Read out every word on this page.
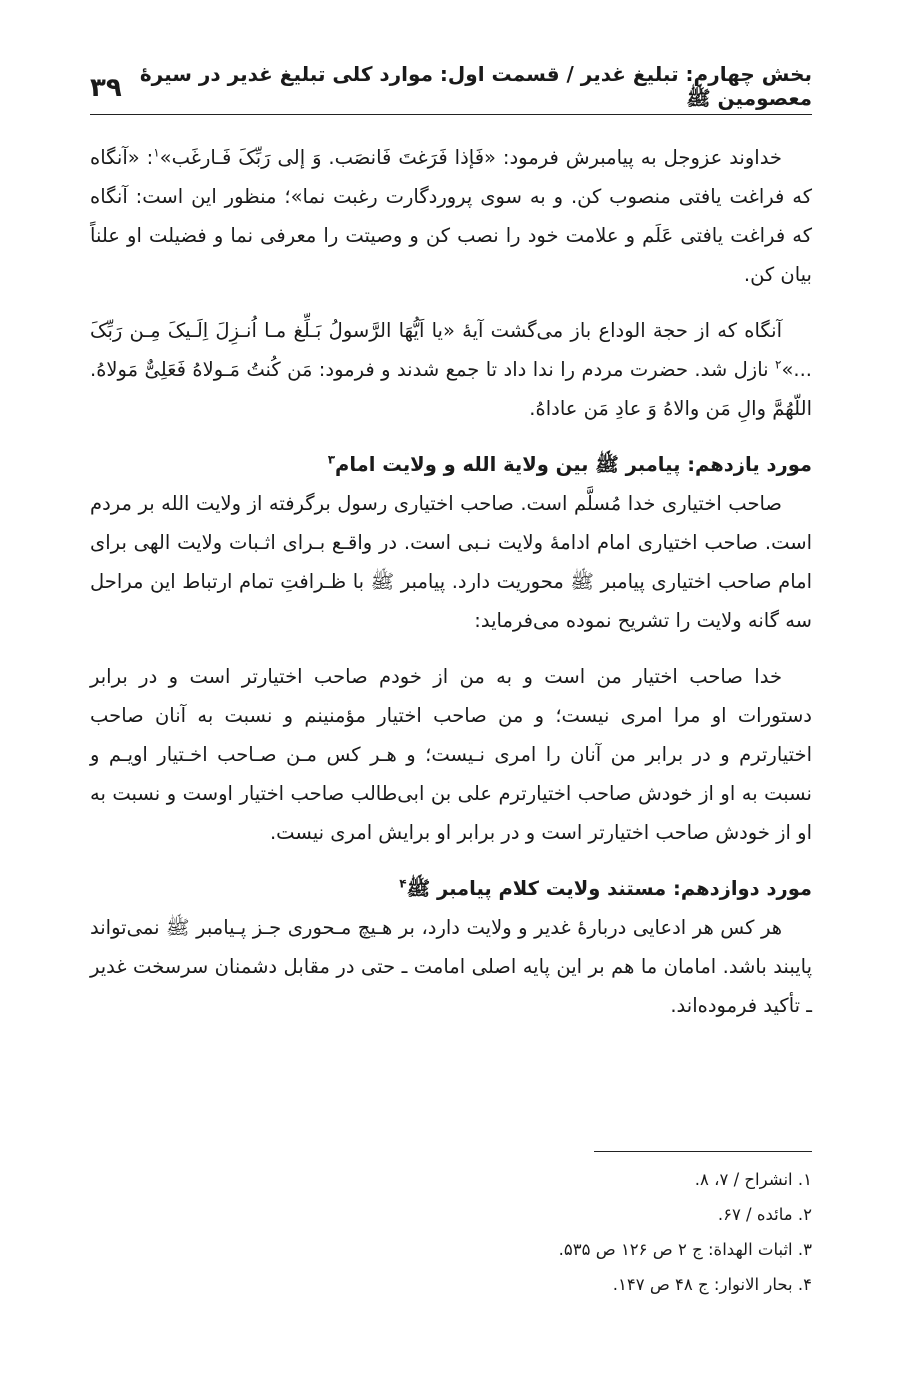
بخش چهارم: تبلیغ غدیر / قسمت اول: موارد کلی تبلیغ غدیر در سیرهٔ معصومین ﷺ
۳۹

خداوند عزوجل به پیامبرش فرمود: «فَإذا فَرَغتَ فَانصَب. وَ إلی رَبِّکَ فَـارغَب»$^۱$: «آنگاه که فراغت یافتی منصوب کن. و به سوی پروردگارت رغبت نما»؛ منظور این است: آنگاه که فراغت یافتی عَلَم و علامت خود را نصب کن و وصیتت را معرفی نما و فضیلت او علناً بیان کن.

آنگاه که از حجة الوداع باز می‌گشت آیهٔ «یا اَیُّهَا الرَّسولُ بَـلِّغ مـا اُنـزِلَ اِلَـیکَ مِـن رَبِّکَ ...»$^۲$ نازل شد. حضرت مردم را ندا داد تا جمع شدند و فرمود: مَن کُنتُ مَـولاهُ فَعَلِیٌّ مَولاهُ. اللّهُمَّ والِ مَن والاهُ وَ عادِ مَن عاداهُ.

مورد یازدهم: پیامبر ﷺ بین ولایة الله و ولایت امام$^۳$

صاحب اختیاری خدا مُسلَّم است. صاحب اختیاری رسول برگرفته از ولایت الله بر مردم است. صاحب اختیاری امام ادامهٔ ولایت نـبی است. در واقـع بـرای اثـبات ولایت الهی برای امام صاحب اختیاری پیامبر ﷺ محوریت دارد. پیامبر ﷺ با ظـرافتِ تمام ارتباط این مراحل سه گانه ولایت را تشریح نموده می‌فرماید:

خدا صاحب اختیار من است و به من از خودم صاحب اختیارتر است و در برابر دستورات او مرا امری نیست؛ و من صاحب اختیار مؤمنینم و نسبت به آنان صاحب اختیارترم و در برابر من آنان را امری نـیست؛ و هـر کس مـن صـاحب اخـتیار اویـم و نسبت به او از خودش صاحب اختیارترم علی بن ابی‌طالب صاحب اختیار اوست و نسبت به او از خودش صاحب اختیارتر است و در برابر او برایش امری نیست.

مورد دوازدهم: مستند ولایت کلام پیامبر ﷺ$^۴$

هر کس هر ادعایی دربارهٔ غدیر و ولایت دارد، بر هـیچ مـحوری جـز پـیامبر ﷺ نمی‌تواند پایبند باشد. امامان ما هم بر این پایه اصلی امامت ـ حتی در مقابل دشمنان سرسخت غدیر ـ تأکید فرموده‌اند.

۱. انشراح / ۷، ۸.

۲. مائده / ۶۷.

۳. اثبات الهداة: ج ۲ ص ۱۲۶ ص ۵۳۵.

۴. بحار الانوار: ج ۴۸ ص ۱۴۷.
